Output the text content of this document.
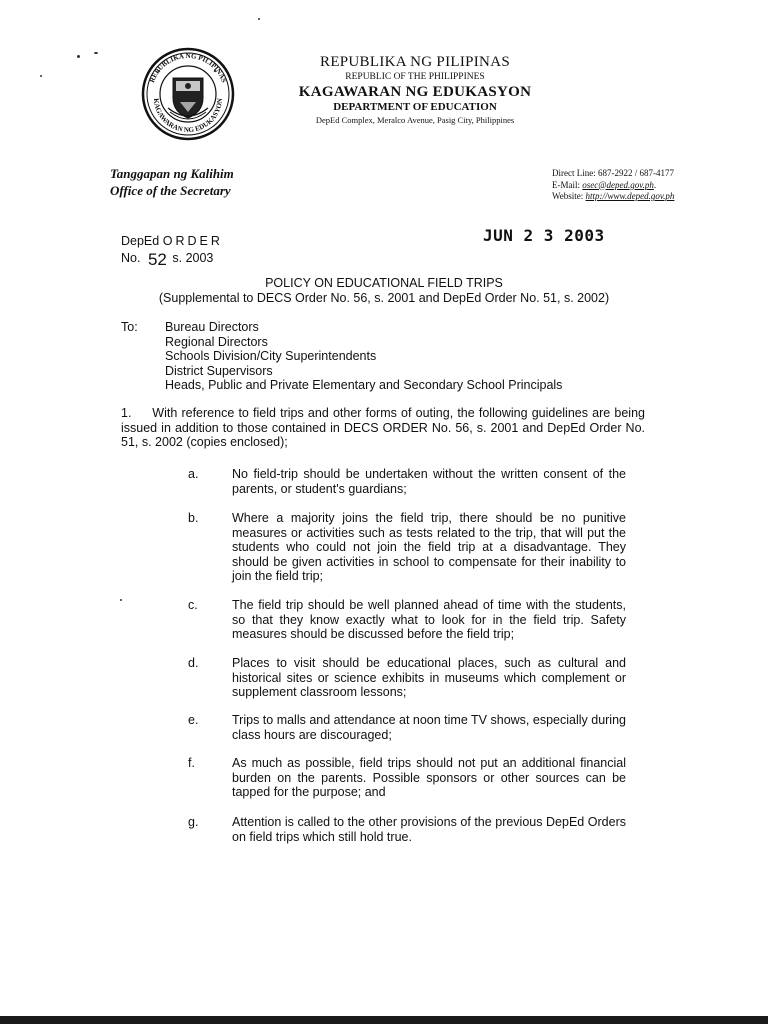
REPUBLIKA NG PILIPINAS
KAGAWARAN NG EDUKASYON
REPUBLIKA NG PILIPINAS
REPUBLIC OF THE PHILIPPINES
KAGAWARAN NG EDUKASYON
DEPARTMENT OF EDUCATION
DepEd Complex, Meralco Avenue, Pasig City, Philippines
Tanggapan ng Kalihim
Office of the Secretary
Direct Line: 687-2922 / 687-4177
E-Mail: osec@deped.gov.ph.
Website: http://www.deped.gov.ph
JUN 2 3 2003
DepEd ORDER
No. 52 s. 2003
POLICY ON EDUCATIONAL FIELD TRIPS
(Supplemental to DECS Order No. 56, s. 2001 and DepEd Order No. 51, s. 2002)
To: Bureau Directors
Regional Directors
Schools Division/City Superintendents
District Supervisors
Heads, Public and Private Elementary and Secondary School Principals
1. With reference to field trips and other forms of outing, the following guidelines are being issued in addition to those contained in DECS ORDER No. 56, s. 2001 and DepEd Order No. 51, s. 2002 (copies enclosed);
a.	No field-trip should be undertaken without the written consent of the parents, or student's guardians;
b.	Where a majority joins the field trip, there should be no punitive measures or activities such as tests related to the trip, that will put the students who could not join the field trip at a disadvantage. They should be given activities in school to compensate for their inability to join the field trip;
c.	The field trip should be well planned ahead of time with the students, so that they know exactly what to look for in the field trip. Safety measures should be discussed before the field trip;
d.	Places to visit should be educational places, such as cultural and historical sites or science exhibits in museums which complement or supplement classroom lessons;
e.	Trips to malls and attendance at noon time TV shows, especially during class hours are discouraged;
f.	As much as possible, field trips should not put an additional financial burden on the parents. Possible sponsors or other sources can be tapped for the purpose; and
g.	Attention is called to the other provisions of the previous DepEd Orders on field trips which still hold true.
